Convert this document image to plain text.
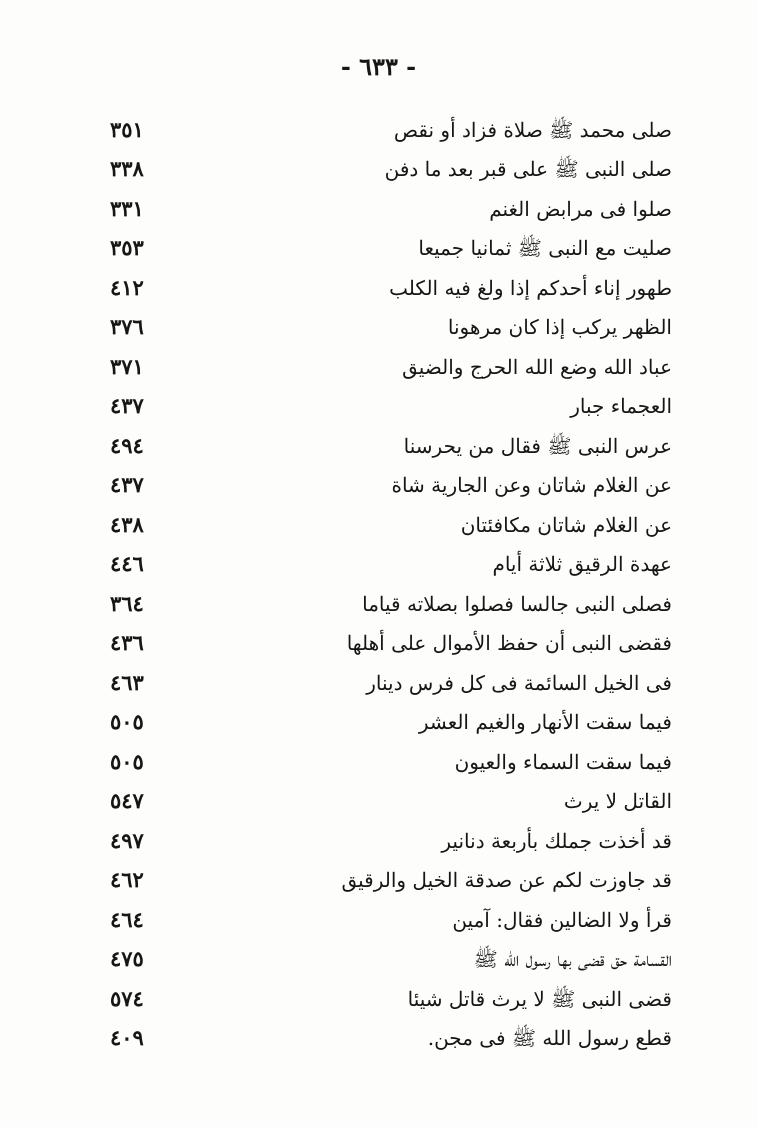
- ٦٣٣ -
صلى محمد ﷺ صلاة فزاد أو نقص
٣٥١
صلى النبى ﷺ على قبر بعد ما دفن
٣٣٨
صلوا فى مرابض الغنم
٣٣١
صليت مع النبى ﷺ ثمانيا جميعا
٣٥٣
طهور إناء أحدكم إذا ولغ فيه الكلب
٤١٢
الظهر يركب إذا كان مرهونا
٣٧٦
عباد الله وضع الله الحرج والضيق
٣٧١
العجماء جبار
٤٣٧
عرس النبى ﷺ فقال من يحرسنا
٤٩٤
عن الغلام شاتان وعن الجارية شاة
٤٣٧
عن الغلام شاتان مكافئتان
٤٣٨
عهدة الرقيق ثلاثة أيام
٤٤٦
فصلى النبى جالسا فصلوا بصلاته قياما
٣٦٤
فقضى النبى أن حفظ الأموال على أهلها
٤٣٦
فى الخيل السائمة فى كل فرس دينار
٤٦٣
فيما سقت الأنهار والغيم العشر
٥٠٥
فيما سقت السماء والعيون
٥٠٥
القاتل لا يرث
٥٤٧
قد أخذت جملك بأربعة دنانير
٤٩٧
قد جاوزت لكم عن صدقة الخيل والرقيق
٤٦٢
قرأ ولا الضالين فقال: آمين
٤٦٤
القسامة حق قضى بها رسول الله ﷺ
٤٧٥
قضى النبى ﷺ لا يرث قاتل شيئا
٥٧٤
قطع رسول الله ﷺ فى مجن.
٤٠٩
